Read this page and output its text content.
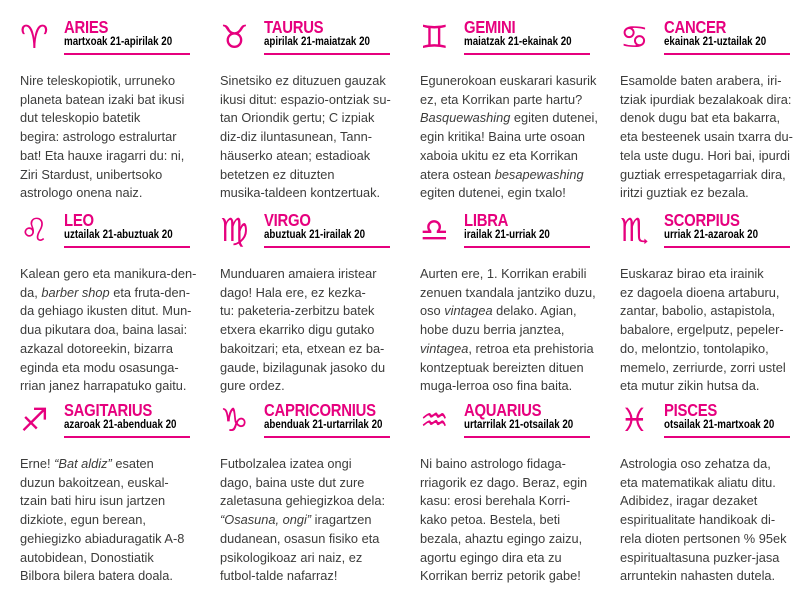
♈ ARIES
martxoak 21-apirilak 20
Nire teleskopiotik, urruneko
planeta batean izaki bat ikusi
dut teleskopio batetik
begira: astrologo estralurtar
bat! Eta hauxe iragarri du: ni,
Ziri Stardust, unibertsoko
astrologo onena naiz.
♉ TAURUS
apirilak 21-maiatzak 20
Sinetsiko ez dituzuen gauzak
ikusi ditut: espazio-ontziak su-
tan Oriondik gertu; C izpiak
diz-diz iluntasunean, Tann-
häuserko atean; estadioak
betetzen ez dituzten
musika-taldeen kontzertuak.
♊ GEMINI
maiatzak 21-ekainak 20
Egunerokoan euskarari kasurik
ez, eta Korrikan parte hartu?
Basquewashing egiten dutenei,
egin kritika! Baina urte osoan
xaboia ukitu ez eta Korrikan
atera ostean besapewashing
egiten dutenei, egin txalo!
♋ CANCER
ekainak 21-uztailak 20
Esamolde baten arabera, iri-
tziak ipurdiak bezalakoak dira:
denok dugu bat eta bakarra,
eta besteenek usain txarra du-
tela uste dugu. Hori bai, ipurdi
guztiak errespetagarriak dira,
iritzi guztiak ez bezala.
♌ LEO
uztailak 21-abuztuak 20
Kalean gero eta manikura-den-
da, barber shop eta fruta-den-
da gehiago ikusten ditut. Mun-
dua pikutara doa, baina lasai:
azkazal dotoreekin, bizarra
eginda eta modu osasunga-
rrian janez harrapatuko gaitu.
♍ VIRGO
abuztuak 21-irailak 20
Munduaren amaiera iristear
dago! Hala ere, ez kezka-
tu: paketeria-zerbitzu batek
etxera ekarriko digu gutako
bakoitzari; eta, etxean ez ba-
gaude, bizilagunak jasoko du
gure ordez.
♎ LIBRA
irailak 21-urriak 20
Aurten ere, 1. Korrikan erabili
zenuen txandala jantziko duzu,
oso vintagea delako. Agian,
hobe duzu berria janztea,
vintagea, retroa eta prehistoria
kontzeptuak bereizten dituen
muga-lerroa oso fina baita.
♏ SCORPIUS
urriak 21-azaroak 20
Euskaraz birao eta irainik
ez dagoela dioena artaburu,
zantar, babolio, astapistola,
babalore, ergelputz, pepeler-
do, melontzio, tontolapiko,
memelo, zerriurde, zorri ustel
eta mutur zikin hutsa da.
♐ SAGITARIUS
azaroak 21-abenduak 20
Erne! “Bat aldiz” esaten
duzun bakoitzean, euskal-
tzain bati hiru isun jartzen
dizkiote, egun berean,
gehiegizko abiaduragatik A-8
autobidean, Donostiatik
Bilbora bilera batera doala.
♑ CAPRICORNIUS
abenduak 21-urtarrilak 20
Futbolzalea izatea ongi
dago, baina uste dut zure
zaletasuna gehiegizkoa dela:
“Osasuna, ongi” iragartzen
dudanean, osasun fisiko eta
psikologikoaz ari naiz, ez
futbol-talde nafarraz!
♒ AQUARIUS
urtarrilak 21-otsailak 20
Ni baino astrologo fidaga-
rriagorik ez dago. Beraz, egin
kasu: erosi berehala Korri-
kako petoa. Bestela, beti
bezala, ahaztu egingo zaizu,
agortu egingo dira eta zu
Korrikan berriz petorik gabe!
♓ PISCES
otsailak 21-martxoak 20
Astrologia oso zehatza da,
eta matematikak aliatu ditu.
Adibidez, iragar dezaket
espiritualitate handikoak di-
rela dioten pertsonen % 95ek
espiritualtasuna puzker-jasa
arruntekin nahasten dutela.
